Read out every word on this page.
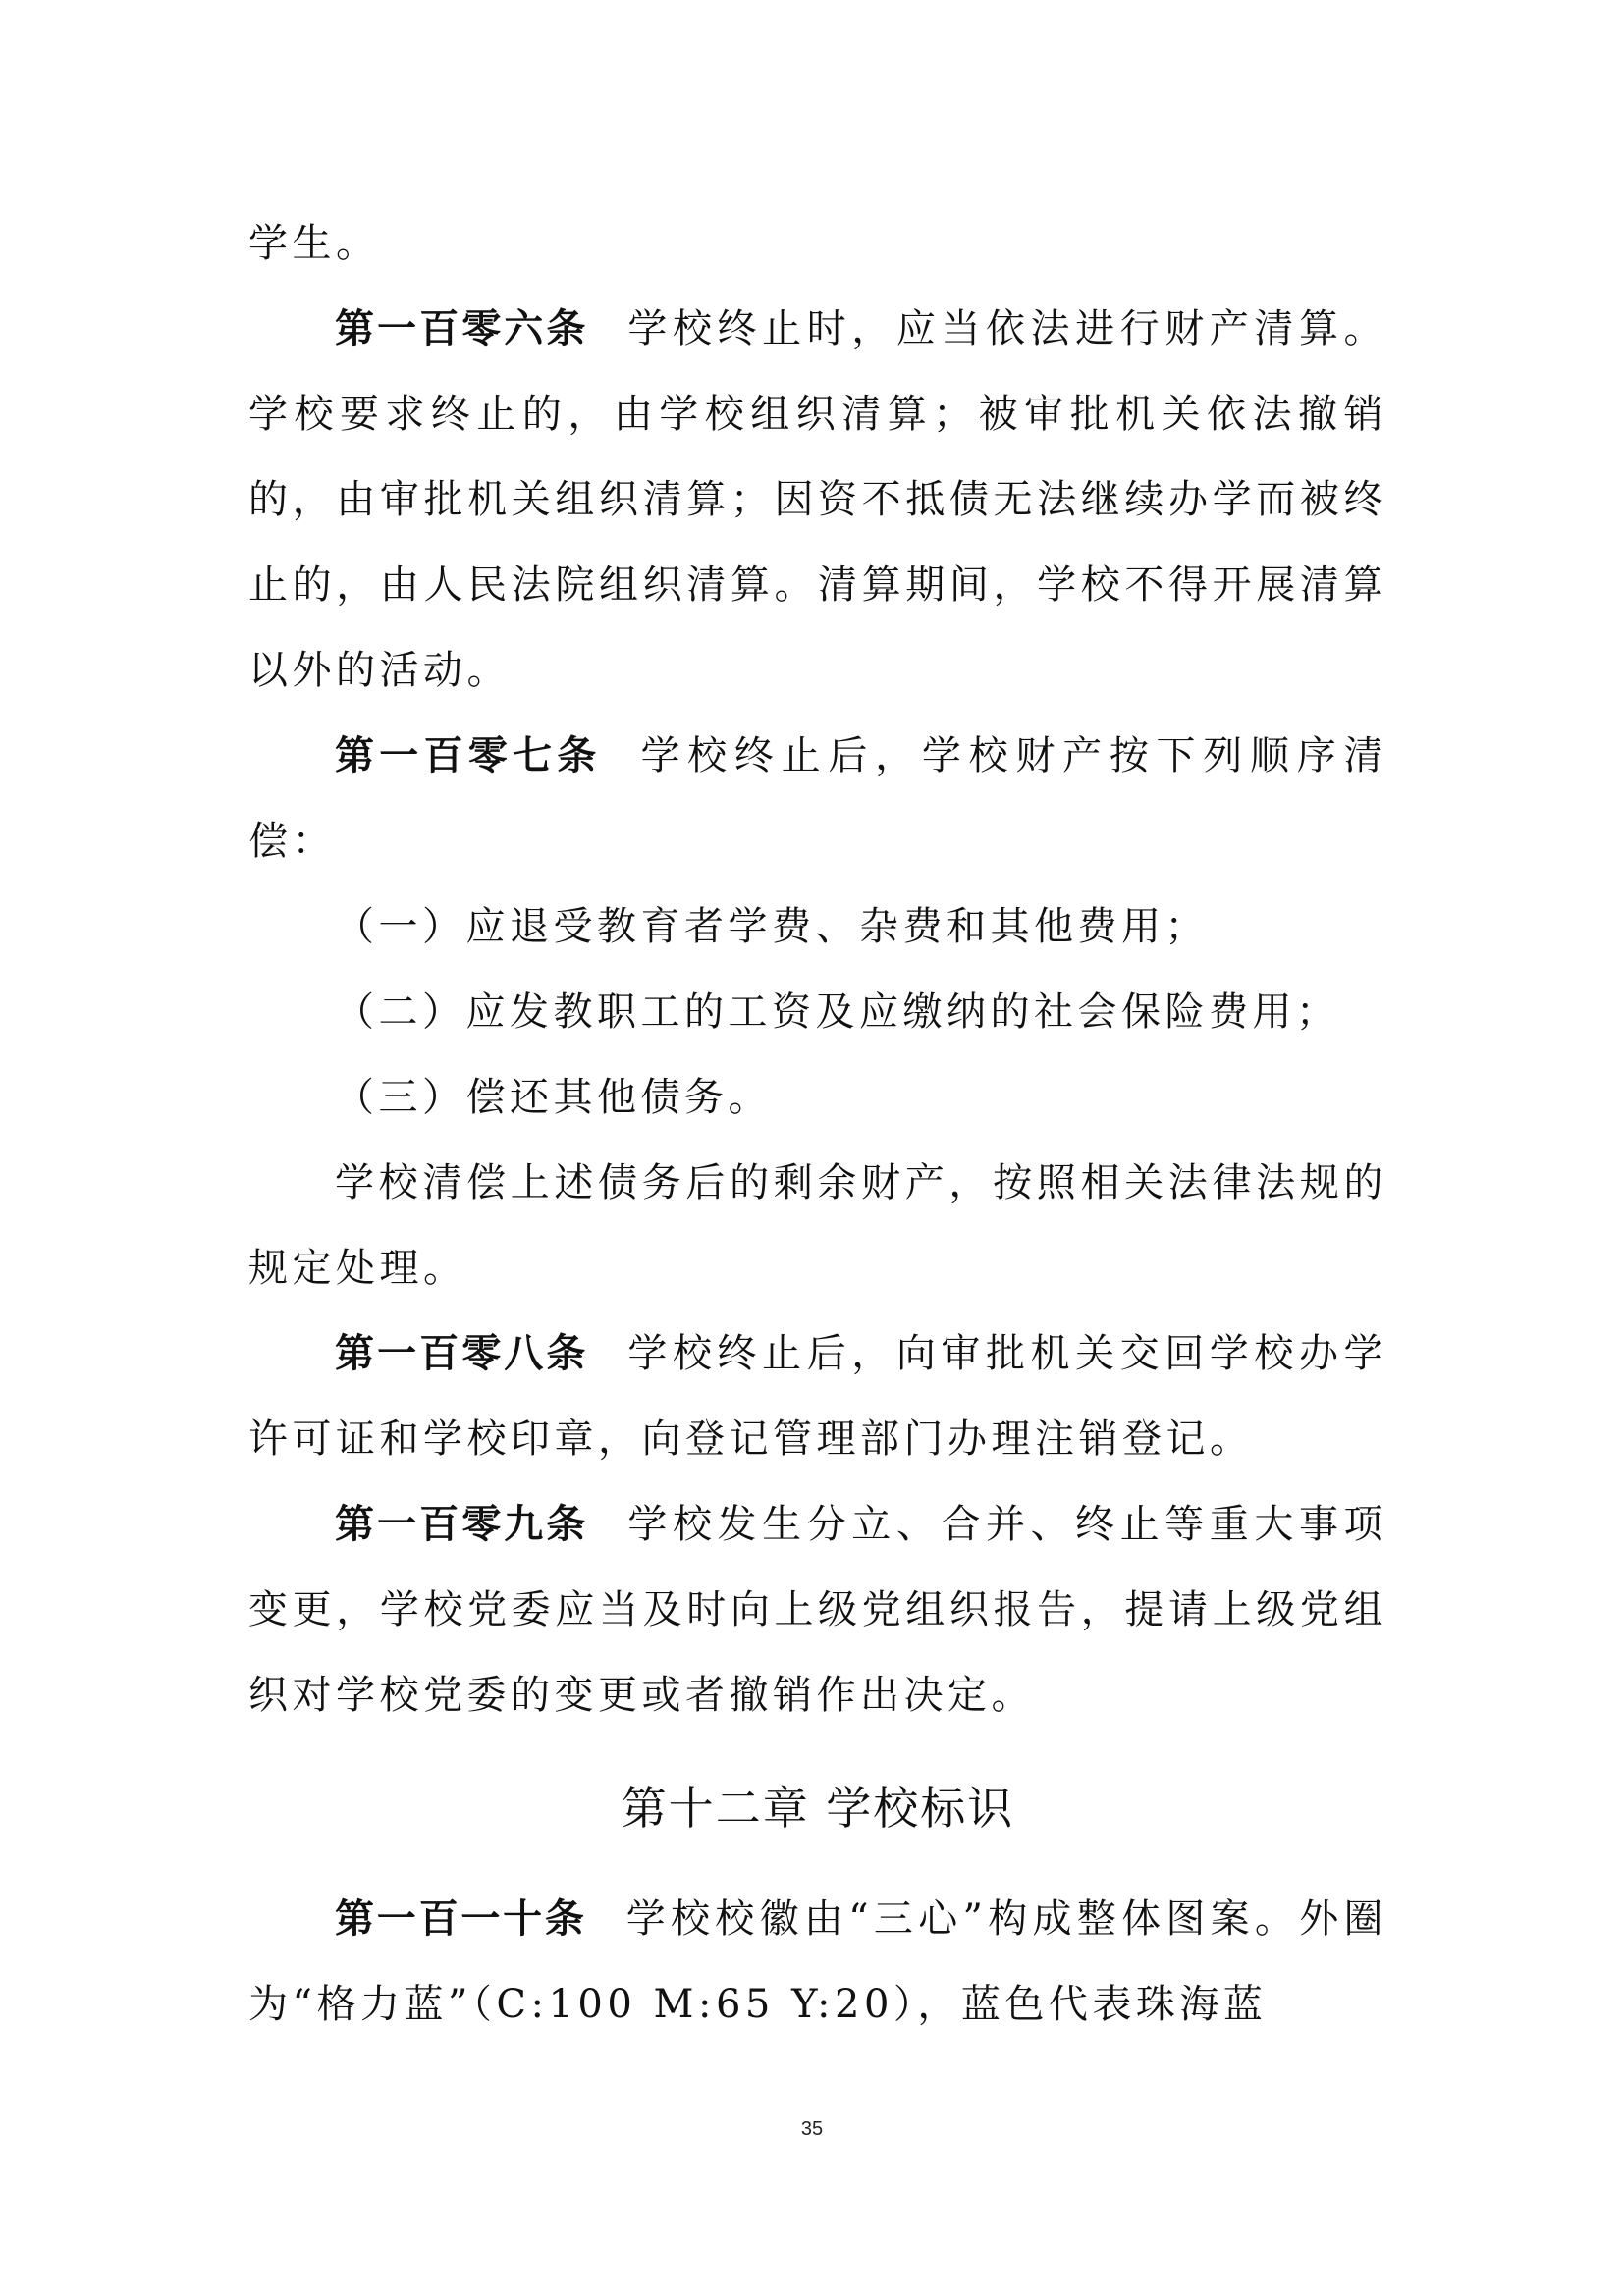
学生。

第一百零六条 学校终止时，应当依法进行财产清算。学校要求终止的，由学校组织清算；被审批机关依法撤销的，由审批机关组织清算；因资不抵债无法继续办学而被终止的，由人民法院组织清算。清算期间，学校不得开展清算以外的活动。

第一百零七条 学校终止后，学校财产按下列顺序清偿：

（一）应退受教育者学费、杂费和其他费用；

（二）应发教职工的工资及应缴纳的社会保险费用；

（三）偿还其他债务。

学校清偿上述债务后的剩余财产，按照相关法律法规的规定处理。

第一百零八条 学校终止后，向审批机关交回学校办学许可证和学校印章，向登记管理部门办理注销登记。

第一百零九条 学校发生分立、合并、终止等重大事项变更，学校党委应当及时向上级党组织报告，提请上级党组织对学校党委的变更或者撤销作出决定。

第十二章 学校标识

第一百一十条 学校校徽由“三心”构成整体图案。外圈为“格力蓝”（C:100 M:65 Y:20），蓝色代表珠海蓝

35
